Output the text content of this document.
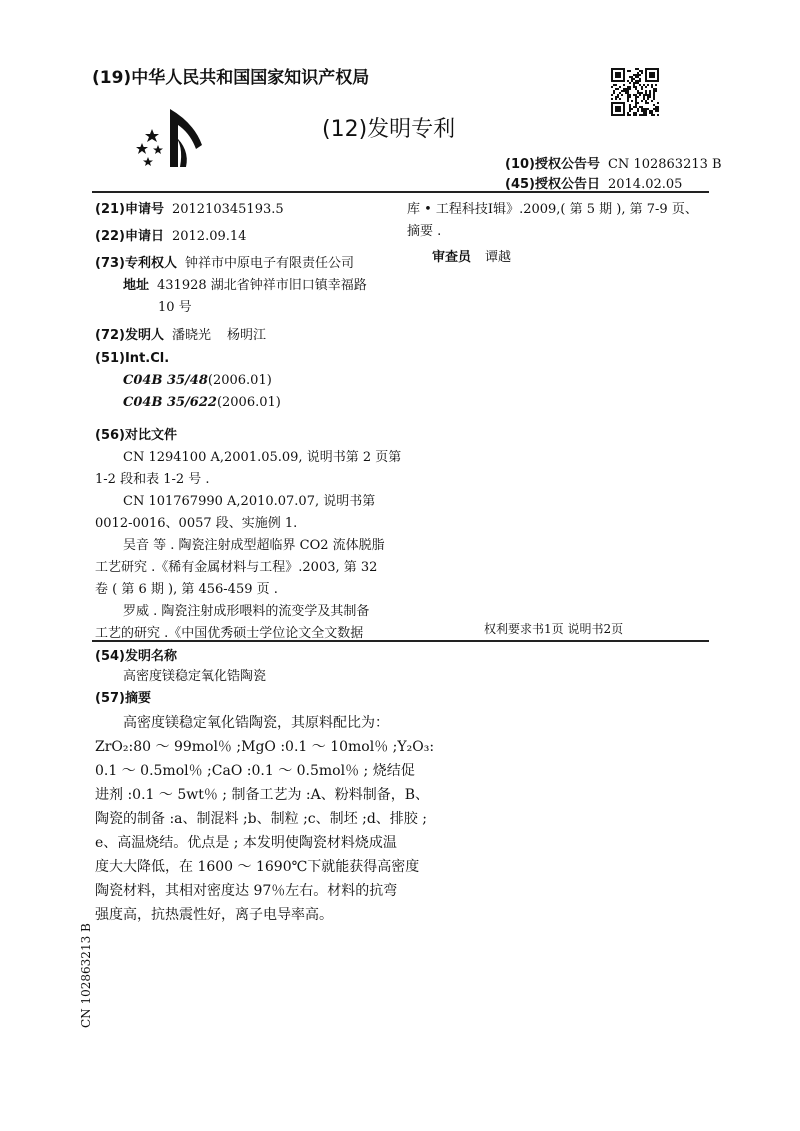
(19)中华人民共和国国家知识产权局
(12)发明专利
(10)授权公告号 CN 102863213 B
(45)授权公告日 2014.02.05
(21)申请号 201210345193.5
(22)申请日 2012.09.14
(73)专利权人 钟祥市中原电子有限责任公司
地址 431928 湖北省钟祥市旧口镇幸福路
10 号
(72)发明人 潘晓光 杨明江
(51)Int.Cl.
C04B 35/48 (2006.01)
C04B 35/622 (2006.01)
(56)对比文件
CN 1294100 A,2001.05.09, 说明书第 2 页第
1-2 段和表 1-2 号 .
CN 101767990 A,2010.07.07, 说明书第
0012-0016、0057 段、实施例 1.
吴音 等 . 陶瓷注射成型超临界 CO2 流体脱脂
工艺研究 .《稀有金属材料与工程》.2003, 第 32
卷 ( 第 6 期 ), 第 456-459 页 .
罗威 . 陶瓷注射成形喂料的流变学及其制备
工艺的研究 .《中国优秀硕士学位论文全文数据
库 • 工程科技Ⅰ辑》.2009,( 第 5 期 ), 第 7-9 页、
摘要 .
审查员 谭越
权利要求书1页 说明书2页
(54)发明名称
高密度镁稳定氧化锆陶瓷
(57)摘要
高密度镁稳定氧化锆陶瓷，其原料配比为：
ZrO₂:80 ～ 99mol％ ;MgO :0.1 ～ 10mol％ ;Y₂O₃:
0.1 ～ 0.5mol％ ;CaO :0.1 ～ 0.5mol％ ; 烧结促
进剂 :0.1 ～ 5wt％ ; 制备工艺为 :A、粉料制备，B、
陶瓷的制备 :a、制混料 ;b、制粒 ;c、制坯 ;d、排胶 ;
e、高温烧结。优点是 ; 本发明使陶瓷材料烧成温
度大大降低，在 1600 ～ 1690℃下就能获得高密度
陶瓷材料，其相对密度达 97％左右。材料的抗弯
强度高，抗热震性好，离子电导率高。
CN 102863213 B
